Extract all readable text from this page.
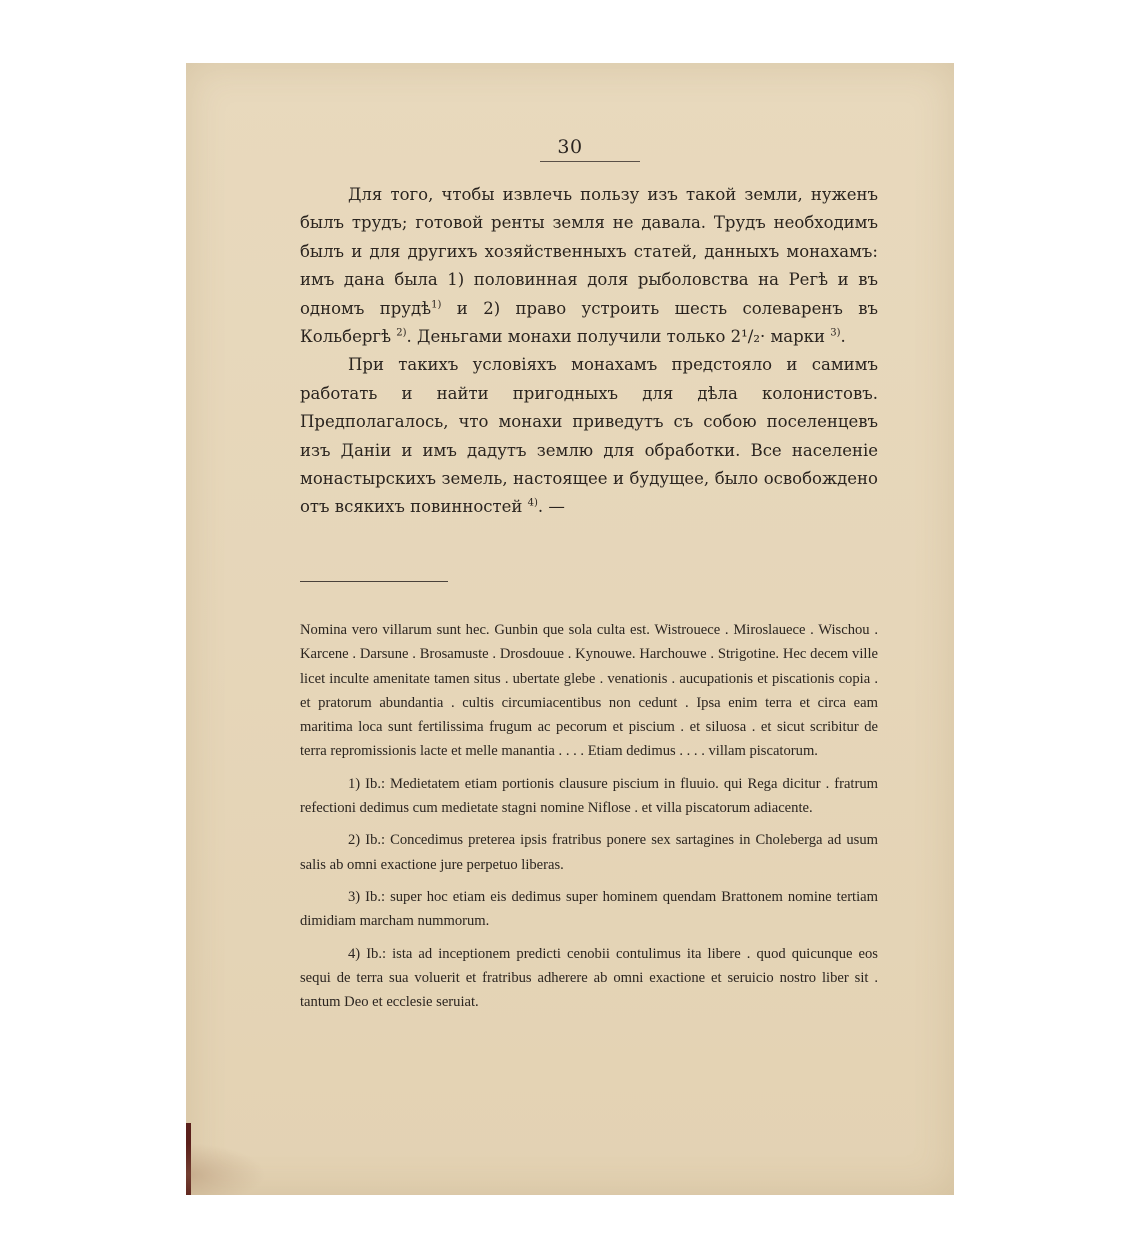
30

Для того, чтобы извлечь пользу изъ такой земли, нуженъ былъ трудъ; готовой ренты земля не давала. Трудъ необходимъ былъ и для другихъ хозяйственныхъ статей, данныхъ монахамъ: имъ дана была 1) половинная доля рыболовства на Регѣ и въ одномъ прудѣ$^{1)}$ и 2) право устроить шесть солеваренъ въ Кольбергѣ $^{2)}$. Деньгами монахи получили только 2¹/₂· марки $^{3)}$.

При такихъ условіяхъ монахамъ предстояло и самимъ работать и найти пригодныхъ для дѣла колонистовъ. Предполагалось, что монахи приведутъ съ собою поселенцевъ изъ Даніи и имъ дадутъ землю для обработки. Все населеніе монастырскихъ земель, настоящее и будущее, было освобождено отъ всякихъ повинностей $^{4)}$. —

Nomina vero villarum sunt hec. Gunbin que sola culta est. Wistrouece . Miroslauece . Wischou . Karcene . Darsune . Brosamuste . Drosdouue . Kynouwe. Harchouwe . Strigotine. Hec decem ville licet inculte amenitate tamen situs . ubertate glebe . venationis . aucupationis et piscationis copia . et pratorum abundantia . cultis circumiacentibus non cedunt . Ipsa enim terra et circa eam maritima loca sunt fertilissima frugum ac pecorum et piscium . et siluosa . et sicut scribitur de terra repromissionis lacte et melle manantia . . . . Etiam dedimus . . . . villam piscatorum.

1) Ib.: Medietatem etiam portionis clausure piscium in fluuio. qui Rega dicitur . fratrum refectioni dedimus cum medietate stagni nomine Niflose . et villa piscatorum adiacente.

2) Ib.: Concedimus preterea ipsis fratribus ponere sex sartagines in Choleberga ad usum salis ab omni exactione jure perpetuo liberas.

3) Ib.: super hoc etiam eis dedimus super hominem quendam Brattonem nomine tertiam dimidiam marcham nummorum.

4) Ib.: ista ad inceptionem predicti cenobii contulimus ita libere . quod quicunque eos sequi de terra sua voluerit et fratribus adherere ab omni exactione et seruicio nostro liber sit . tantum Deo et ecclesie seruiat.
